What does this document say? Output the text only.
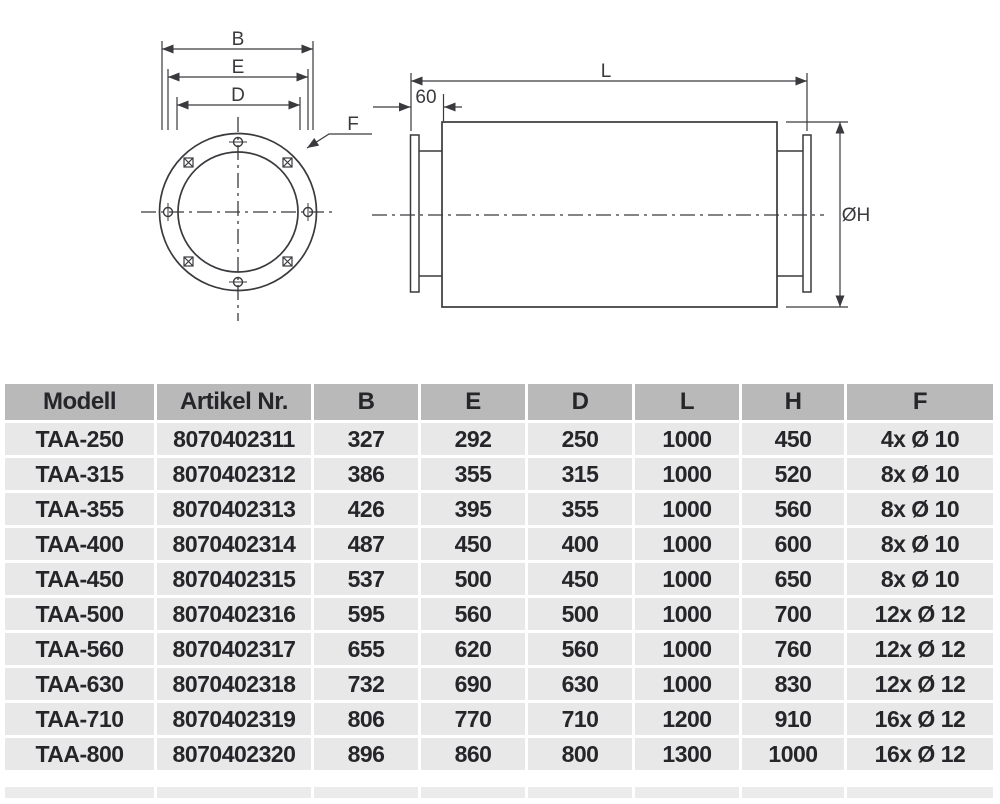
B
E
D
F
L
60
ØH
Modell	Artikel Nr.	B	E	D	L	H	F
TAA-250	8070402311	327	292	250	1000	450	4x Ø 10
TAA-315	8070402312	386	355	315	1000	520	8x Ø 10
TAA-355	8070402313	426	395	355	1000	560	8x Ø 10
TAA-400	8070402314	487	450	400	1000	600	8x Ø 10
TAA-450	8070402315	537	500	450	1000	650	8x Ø 10
TAA-500	8070402316	595	560	500	1000	700	12x Ø 12
TAA-560	8070402317	655	620	560	1000	760	12x Ø 12
TAA-630	8070402318	732	690	630	1000	830	12x Ø 12
TAA-710	8070402319	806	770	710	1200	910	16x Ø 12
TAA-800	8070402320	896	860	800	1300	1000	16x Ø 12
